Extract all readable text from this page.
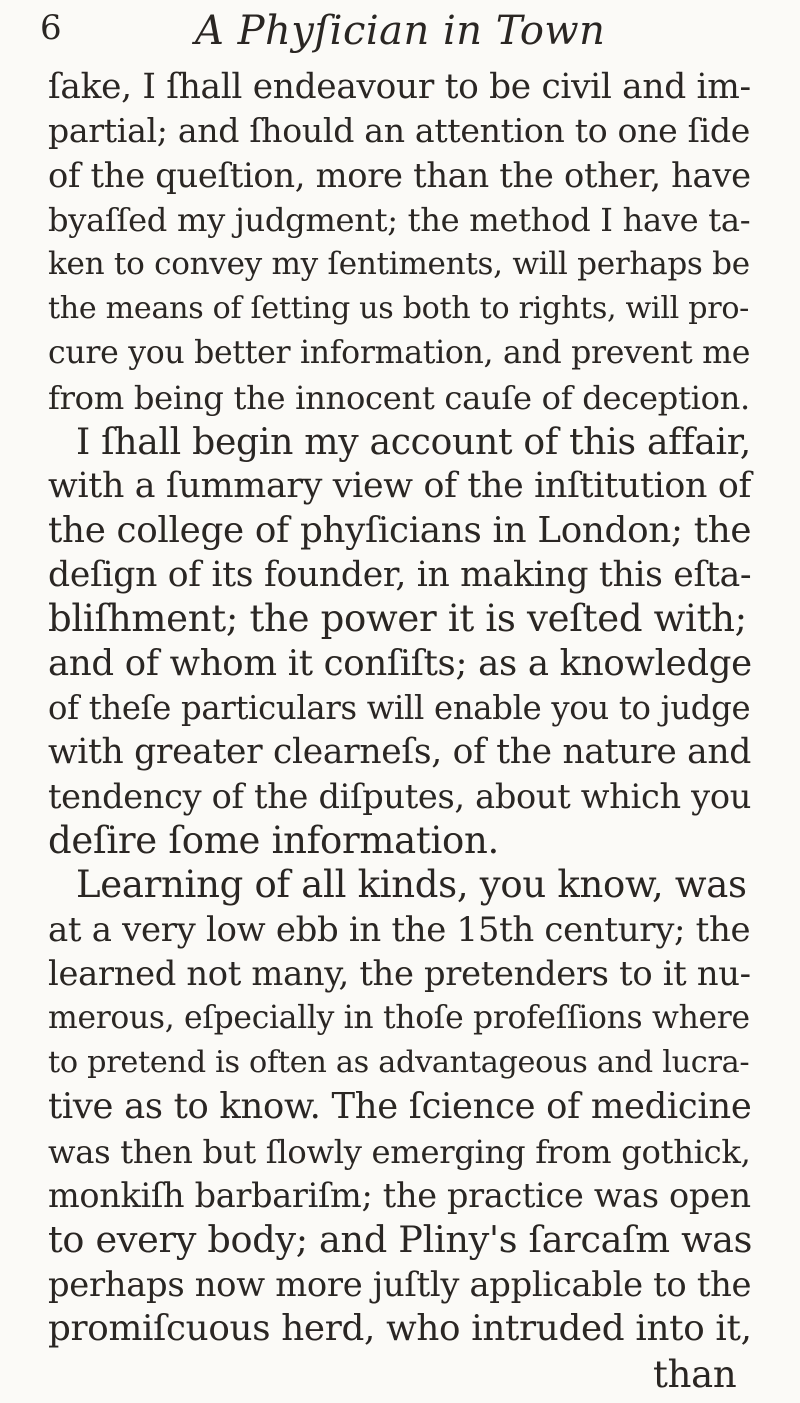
6	A Phyſician in Town
ſake, I ſhall endeavour to be civil and im-
partial; and ſhould an attention to one ſide
of the queſtion, more than the other, have
byaſſed my judgment; the method I have ta-
ken to convey my ſentiments, will perhaps be
the means of ſetting us both to rights, will pro-
cure you better information, and prevent me
from being the innocent cauſe of deception.
I ſhall begin my account of this affair,
with a ſummary view of the inſtitution of
the college of phyſicians in London; the
deſign of its founder, in making this eſta-
bliſhment; the power it is veſted with;
and of whom it conſiſts; as a knowledge
of theſe particulars will enable you to judge
with greater clearneſs, of the nature and
tendency of the diſputes, about which you
deſire ſome information.
Learning of all kinds, you know, was
at a very low ebb in the 15th century; the
learned not many, the pretenders to it nu-
merous, eſpecially in thoſe profeſſions where
to pretend is often as advantageous and lucra-
tive as to know. The ſcience of medicine
was then but ſlowly emerging from gothick,
monkiſh barbariſm; the practice was open
to every body; and Pliny's ſarcaſm was
perhaps now more juſtly applicable to the
promiſcuous herd, who intruded into it,
than
